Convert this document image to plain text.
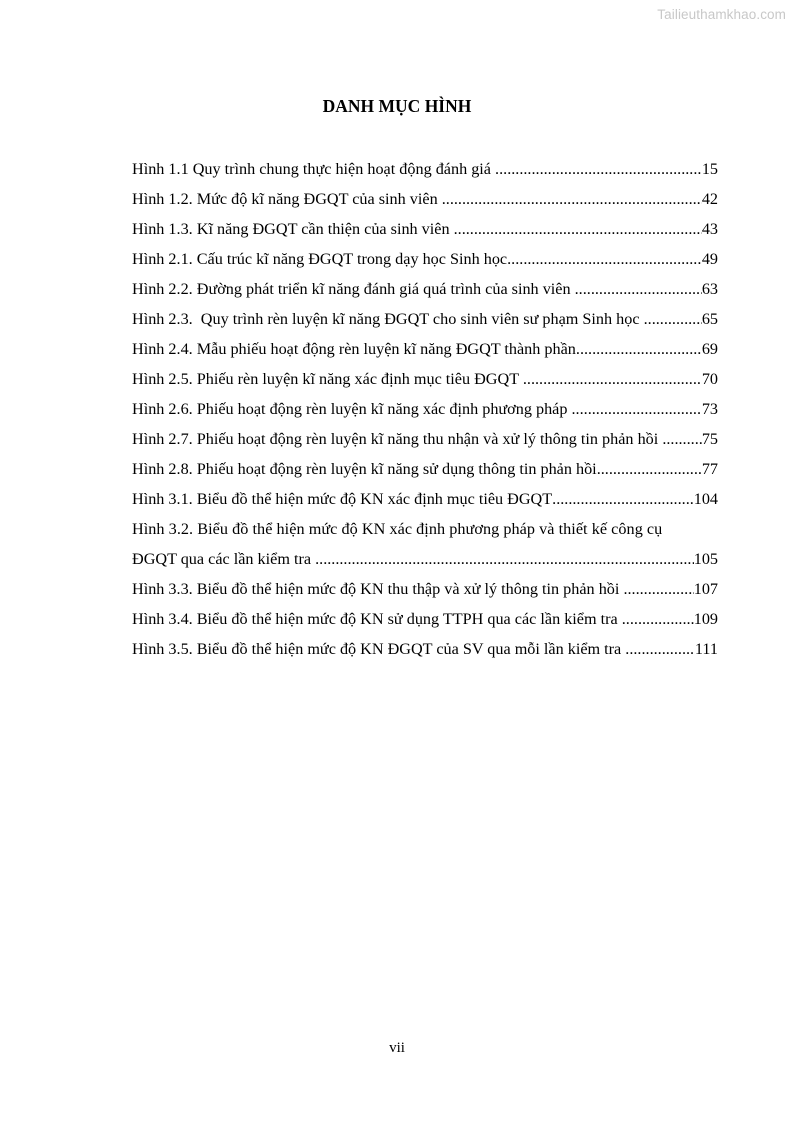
Tailieuthamkhao.com
DANH MỤC HÌNH
Hình 1.1 Quy trình chung thực hiện hoạt động đánh giá .....	15
Hình 1.2. Mức độ kĩ năng ĐGQT của sinh viên .....	42
Hình 1.3. Kĩ năng ĐGQT cần thiện của sinh viên .....	43
Hình 2.1. Cấu trúc kĩ năng ĐGQT trong dạy học Sinh học .....	49
Hình 2.2. Đường phát triển kĩ năng đánh giá quá trình của sinh viên .....	63
Hình 2.3.  Quy trình rèn luyện kĩ năng ĐGQT cho sinh viên sư phạm Sinh học .....	65
Hình 2.4. Mẫu phiếu hoạt động rèn luyện kĩ năng ĐGQT thành phần .....	69
Hình 2.5. Phiếu rèn luyện kĩ năng xác định mục tiêu ĐGQT .....	70
Hình 2.6. Phiếu hoạt động rèn luyện kĩ năng xác định phương pháp .....	73
Hình 2.7. Phiếu hoạt động rèn luyện kĩ năng thu nhận và xử lý thông tin phản hồi ..... 75
Hình 2.8. Phiếu hoạt động rèn luyện kĩ năng sử dụng thông tin phản hồi .....	77
Hình 3.1. Biểu đồ thể hiện mức độ KN xác định mục tiêu ĐGQT .....	104
Hình 3.2. Biểu đồ thể hiện mức độ KN xác định phương pháp và thiết kế công cụ
ĐGQT qua các lần kiểm tra .....	105
Hình 3.3. Biểu đồ thể hiện mức độ KN thu thập và xử lý thông tin phản hồi .....	107
Hình 3.4. Biểu đồ thể hiện mức độ KN sử dụng TTPH qua các lần kiểm tra .....	109
Hình 3.5. Biểu đồ thể hiện mức độ KN ĐGQT của SV qua mỗi lần kiểm tra .....	111
vii
